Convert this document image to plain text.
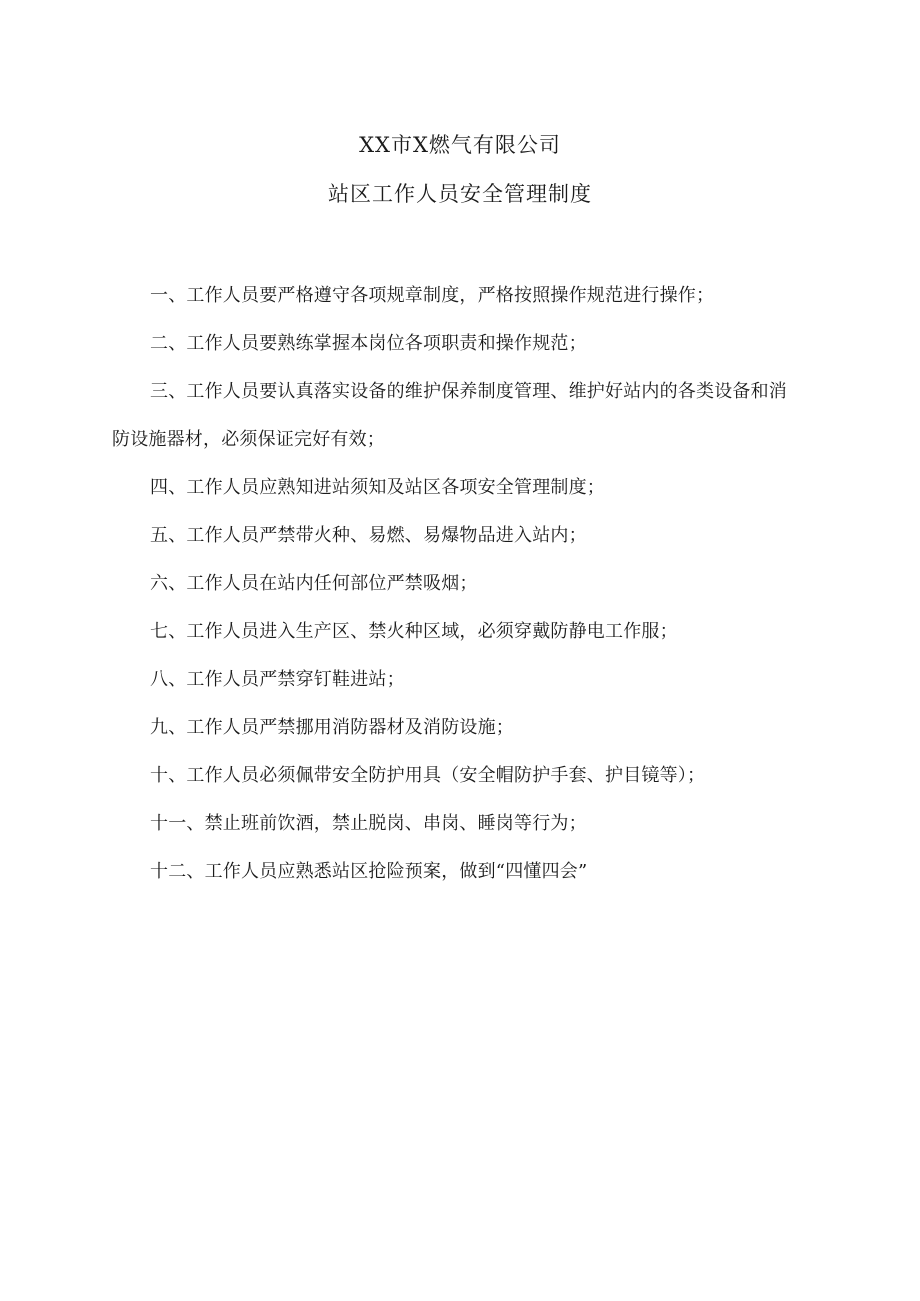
XX市X燃气有限公司
站区工作人员安全管理制度
一、工作人员要严格遵守各项规章制度，严格按照操作规范进行操作；
二、工作人员要熟练掌握本岗位各项职责和操作规范；
三、工作人员要认真落实设备的维护保养制度管理、维护好站内的各类设备和消防设施器材，必须保证完好有效；
四、工作人员应熟知进站须知及站区各项安全管理制度；
五、工作人员严禁带火种、易燃、易爆物品进入站内；
六、工作人员在站内任何部位严禁吸烟；
七、工作人员进入生产区、禁火种区域，必须穿戴防静电工作服；
八、工作人员严禁穿钉鞋进站；
九、工作人员严禁挪用消防器材及消防设施；
十、工作人员必须佩带安全防护用具（安全帽防护手套、护目镜等）；
十一、禁止班前饮酒，禁止脱岗、串岗、睡岗等行为；
十二、工作人员应熟悉站区抢险预案，做到“四懂四会”
